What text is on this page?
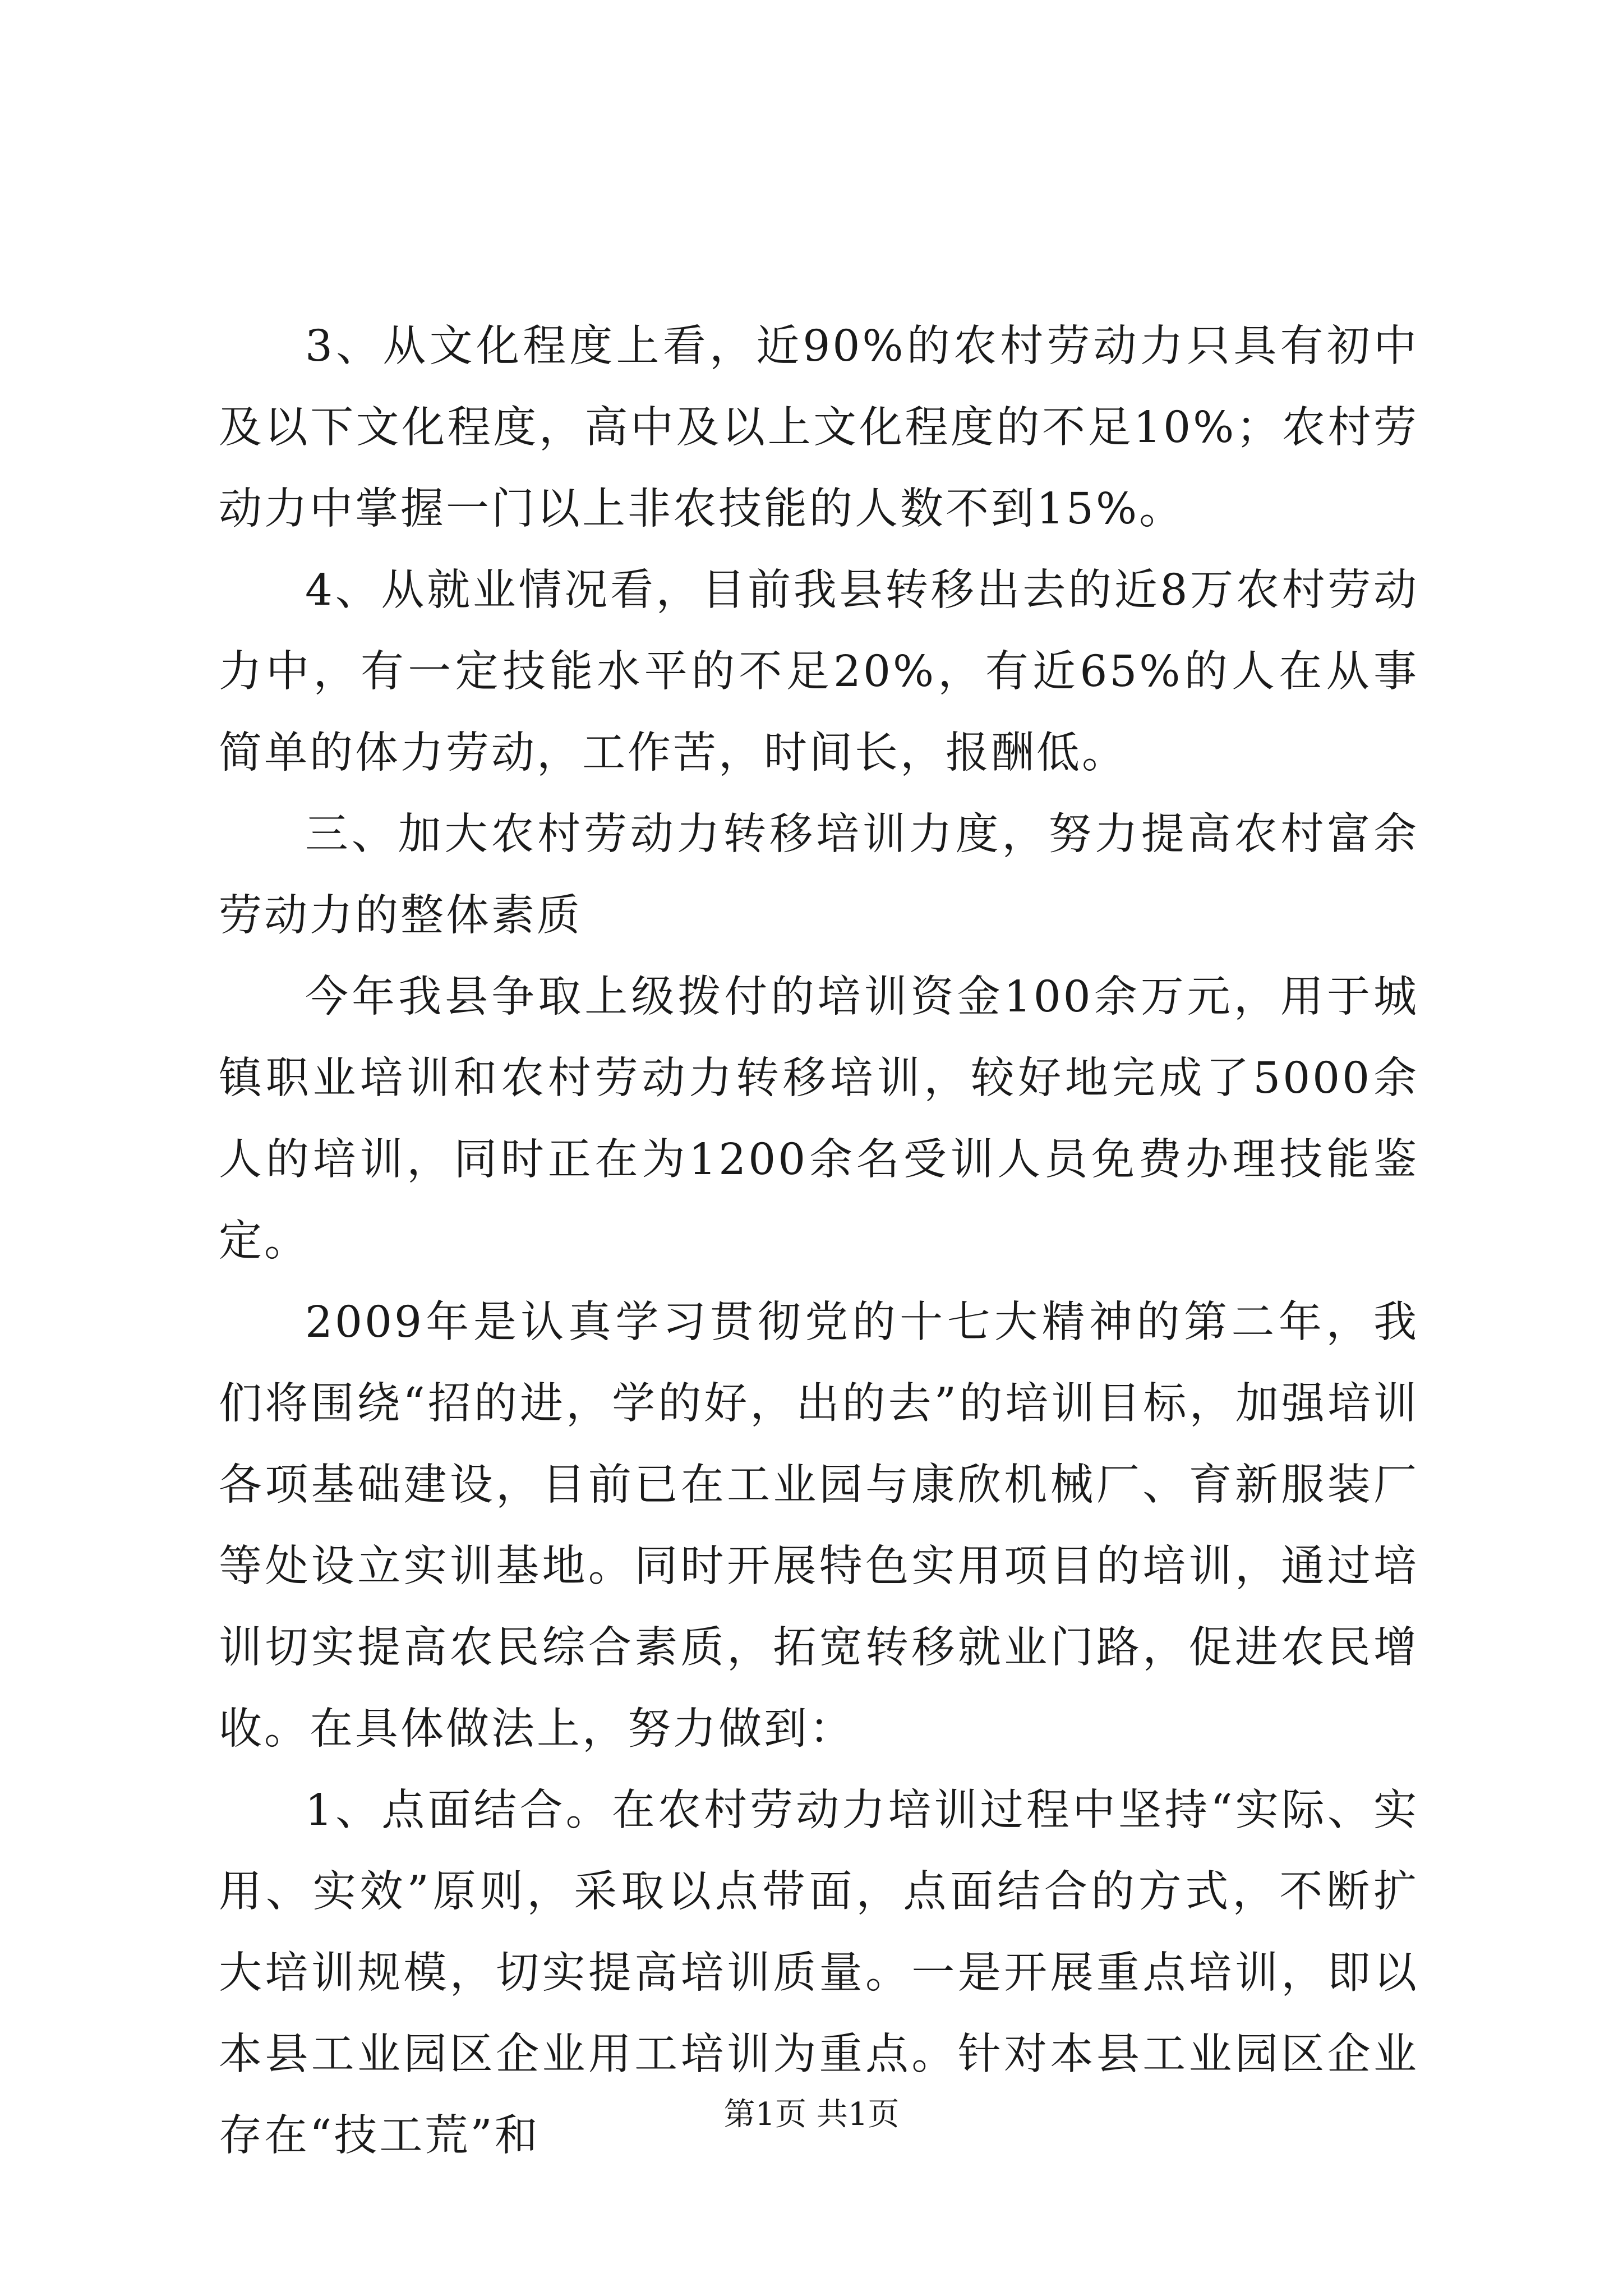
3、从文化程度上看，近90%的农村劳动力只具有初中及以下文化程度，高中及以上文化程度的不足10%；农村劳动力中掌握一门以上非农技能的人数不到15%。

4、从就业情况看，目前我县转移出去的近8万农村劳动力中，有一定技能水平的不足20%，有近65%的人在从事简单的体力劳动，工作苦，时间长，报酬低。

三、加大农村劳动力转移培训力度，努力提高农村富余劳动力的整体素质

今年我县争取上级拨付的培训资金100余万元，用于城镇职业培训和农村劳动力转移培训，较好地完成了5000余人的培训，同时正在为1200余名受训人员免费办理技能鉴定。

2009年是认真学习贯彻党的十七大精神的第二年，我们将围绕“招的进，学的好，出的去”的培训目标，加强培训各项基础建设，目前已在工业园与康欣机械厂、育新服装厂等处设立实训基地。同时开展特色实用项目的培训，通过培训切实提高农民综合素质，拓宽转移就业门路，促进农民增收。在具体做法上，努力做到：

1、点面结合。在农村劳动力培训过程中坚持“实际、实用、实效”原则，采取以点带面，点面结合的方式，不断扩大培训规模，切实提高培训质量。一是开展重点培训，即以本县工业园区企业用工培训为重点。针对本县工业园区企业存在“技工荒”和	第1页 共1页
